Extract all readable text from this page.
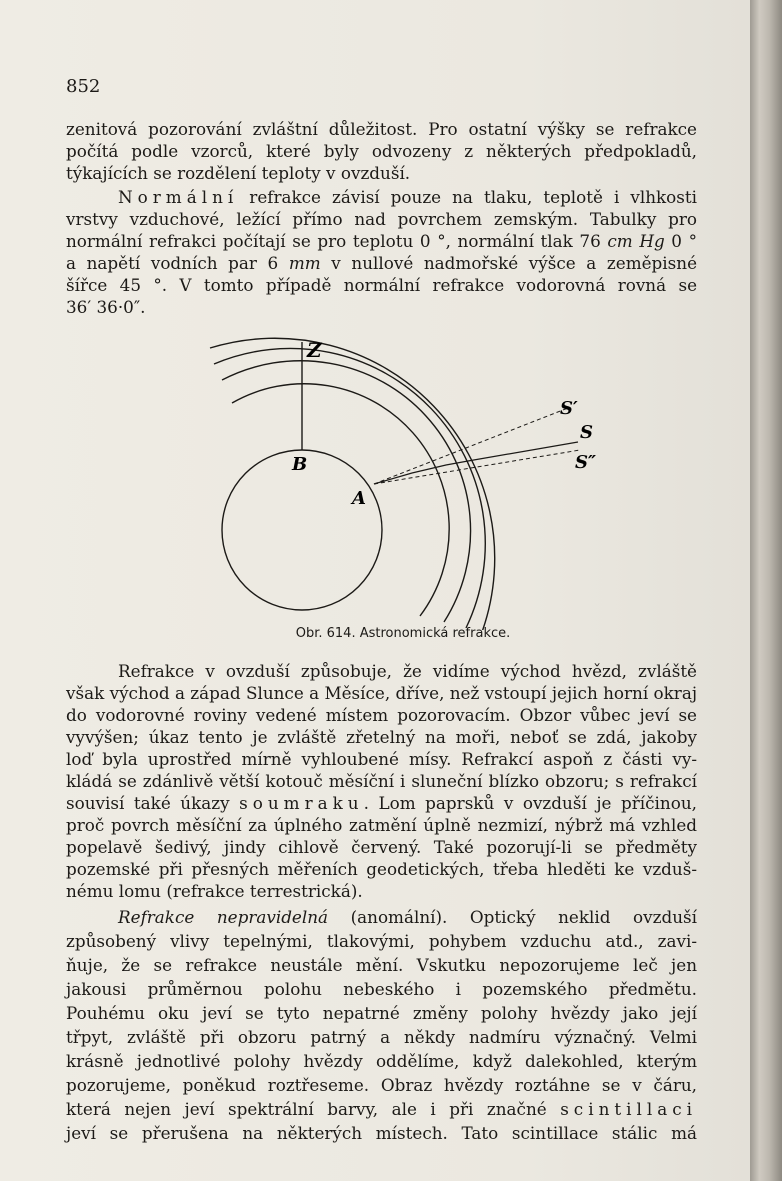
852
zenitová pozorování zvláštní důležitost. Pro ostatní výšky se refrakce
počítá podle vzorců, které byly odvozeny z některých předpokladů,
týkajících se rozdělení teploty v ovzduší.
Normální refrakce závisí pouze na tlaku, teplotě i vlhkosti
vrstvy vzduchové, ležící přímo nad povrchem zemským. Tabulky pro
normální refrakci počítají se pro teplotu 0 °, normální tlak 76 cm Hg 0 °
a napětí vodních par 6 mm v nullové nadmořské výšce a zeměpisné
šířce 45 °. V tomto případě normální refrakce vodorovná rovná se
36′ 36·0″.
Z
B
A
S′
S
S″
Obr. 614. Astronomická refrakce.
Refrakce v ovzduší způsobuje, že vidíme východ hvězd, zvláště
však východ a západ Slunce a Měsíce, dříve, než vstoupí jejich horní okraj
do vodorovné roviny vedené místem pozorovacím. Obzor vůbec jeví se
vyvýšen; úkaz tento je zvláště zřetelný na moři, neboť se zdá, jakoby
loď byla uprostřed mírně vyhloubené mísy. Refrakcí aspoň z části vy-
kládá se zdánlivě větší kotouč měsíční i sluneční blízko obzoru; s refrakcí
souvisí také úkazy soumraku. Lom paprsků v ovzduší je příčinou,
proč povrch měsíční za úplného zatmění úplně nezmizí, nýbrž má vzhled
popelavě šedivý, jindy cihlově červený. Také pozorují-li se předměty
pozemské při přesných měřeních geodetických, třeba hleděti ke vzduš-
nému lomu (refrakce terrestrická).
Refrakce nepravidelná (anomální). Optický neklid ovzduší
způsobený vlivy tepelnými, tlakovými, pohybem vzduchu atd., zavi-
ňuje, že se refrakce neustále mění. Vskutku nepozorujeme leč jen
jakousi průměrnou polohu nebeského i pozemského předmětu.
Pouhému oku jeví se tyto nepatrné změny polohy hvězdy jako její
třpyt, zvláště při obzoru patrný a někdy nadmíru význačný. Velmi
krásně jednotlivé polohy hvězdy oddělíme, když dalekohled, kterým
pozorujeme, poněkud roztřeseme. Obraz hvězdy roztáhne se v čáru,
která nejen jeví spektrální barvy, ale i při značné scintillaci
jeví se přerušena na některých místech. Tato scintillace stálic má
